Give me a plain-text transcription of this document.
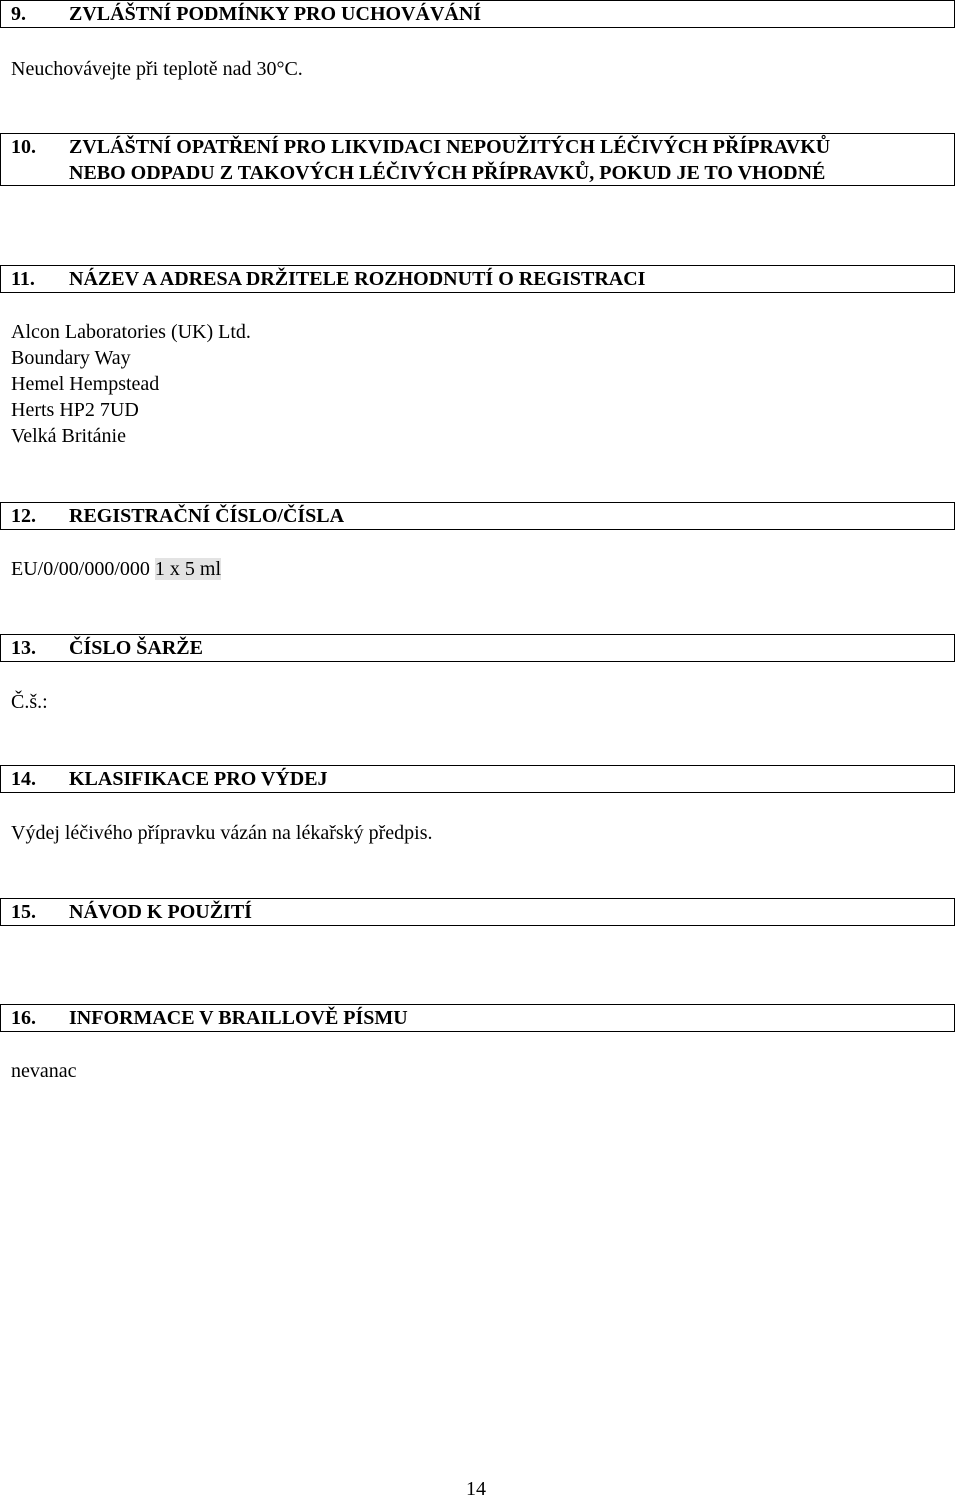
9. ZVLÁŠTNÍ PODMÍNKY PRO UCHOVÁVÁNÍ
Neuchovávejte při teplotě nad 30°C.
10. ZVLÁŠTNÍ OPATŘENÍ PRO LIKVIDACI NEPOUŽITÝCH LÉČIVÝCH PŘÍPRAVKŮ
NEBO ODPADU Z TAKOVÝCH LÉČIVÝCH PŘÍPRAVKŮ, POKUD JE TO VHODNÉ
11. NÁZEV A ADRESA DRŽITELE ROZHODNUTÍ O REGISTRACI
Alcon Laboratories (UK) Ltd.
Boundary Way
Hemel Hempstead
Herts HP2 7UD
Velká Británie
12. REGISTRAČNÍ ČÍSLO/ČÍSLA
EU/0/00/000/000 1 x 5 ml
13. ČÍSLO ŠARŽE
Č.š.:
14. KLASIFIKACE PRO VÝDEJ
Výdej léčivého přípravku vázán na lékařský předpis.
15. NÁVOD K POUŽITÍ
16. INFORMACE V BRAILLOVĚ PÍSMU
nevanac
14
